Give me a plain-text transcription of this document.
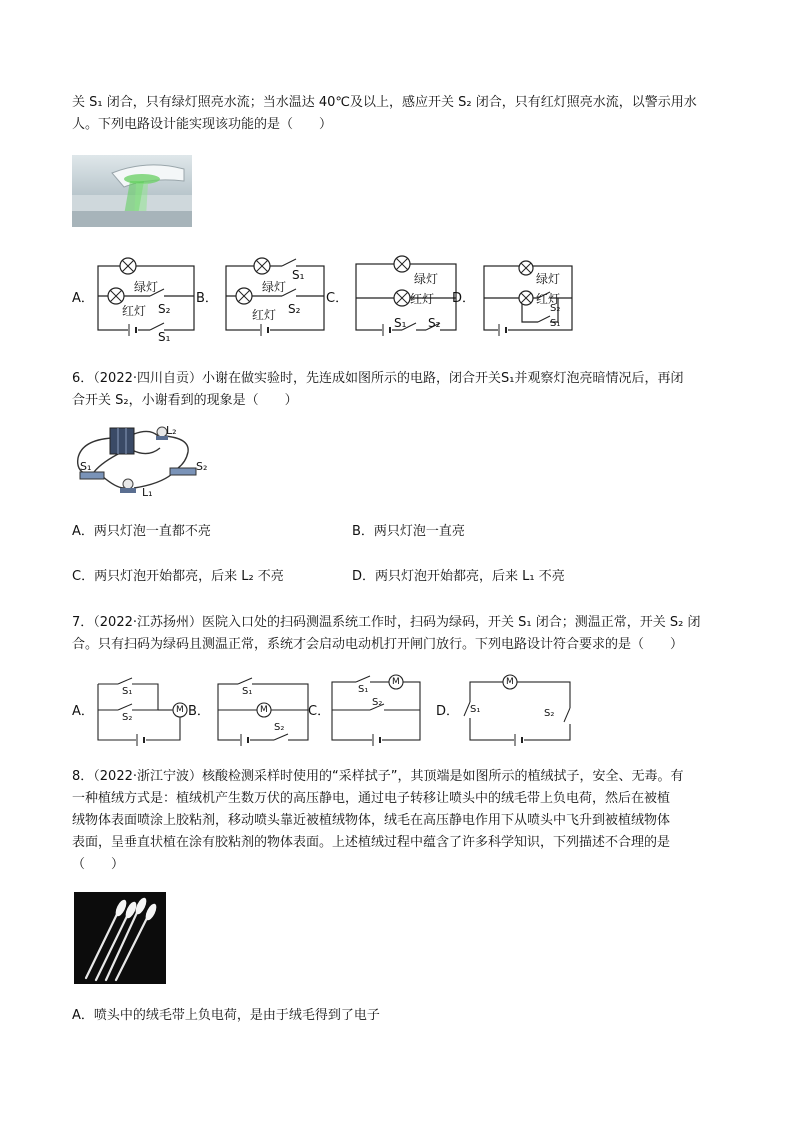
关 S₁ 闭合，只有绿灯照亮水流；当水温达 40℃及以上，感应开关 S₂ 闭合，只有红灯照亮水流，以警示用水
人。下列电路设计能实现该功能的是（　　）
A．	B．	C．	D．
绿灯
红灯 S₂
S₁
绿灯
S₁
红灯 S₂
绿灯
红灯
S₁ S₂
绿灯
红灯
S₂
S₁
6．（2022·四川自贡）小谢在做实验时，先连成如图所示的电路，闭合开关S₁并观察灯泡亮暗情况后，再闭
合开关 S₂，小谢看到的现象是（　　）
L₂
L₁
S₁	S₂
A．两只灯泡一直都不亮	B．两只灯泡一直亮
C．两只灯泡开始都亮，后来 L₂ 不亮	D．两只灯泡开始都亮，后来 L₁ 不亮
7．（2022·江苏扬州）医院入口处的扫码测温系统工作时，扫码为绿码，开关 S₁ 闭合；测温正常，开关 S₂ 闭
合。只有扫码为绿码且测温正常，系统才会启动电动机打开闸门放行。下列电路设计符合要求的是（　　）
A．	B．	C．	D．
M	M
M	M
S₁
S₂
S₁
S₂
S₁
S₂
S₁	S₂
8．（2022·浙江宁波）核酸检测采样时使用的“采样拭子”，其顶端是如图所示的植绒拭子，安全、无毒。有
一种植绒方式是：植绒机产生数万伏的高压静电，通过电子转移让喷头中的绒毛带上负电荷，然后在被植
绒物体表面喷涂上胶粘剂，移动喷头靠近被植绒物体，绒毛在高压静电作用下从喷头中飞升到被植绒物体
表面，呈垂直状植在涂有胶粘剂的物体表面。上述植绒过程中蕴含了许多科学知识，下列描述不合理的是
（　　）
A．喷头中的绒毛带上负电荷，是由于绒毛得到了电子
